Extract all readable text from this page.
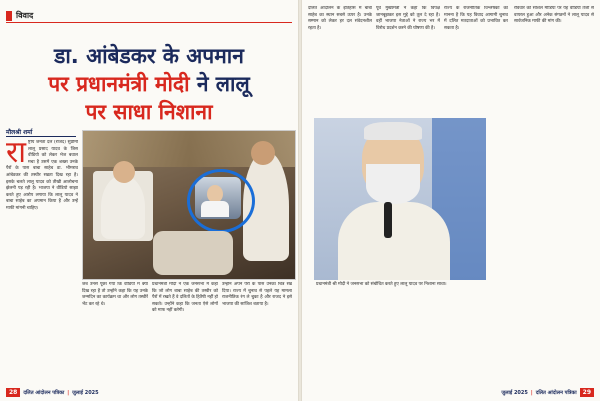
विवाद
डा. आंबेडकर के अपमान
पर प्रधानमंत्री मोदी ने लालू
पर साधा निशाना
मौलश्री शर्मा
राष्ट्रीय जनता दल (राजद) सुप्रीमो लालू प्रसाद यादव के जिस वीडियो को लेकर भेज बवाल मचा है उसमें एक शख्स उनके पैरों के पास बाबा साहेब डा. भीमराव आंबेडकर की तस्वीर रखता दिख रहा है। इसके चलते लालू यादव को तीखी आलोचना झेलनी पड़ रही है। भाजपा ने वीडियो साझा करते हुए आरोप लगाया कि लालू यादव ने बाबा साहेब का अपमान किया है और उन्हें माफी मांगनी चाहिए।
जब उनसे पूछा गया कि वीडियो में क्या दिख रहा है तो उन्होंने कहा कि यह उनके जन्मदिन का कार्यक्रम था और लोग तस्वीरें भेंट कर रहे थे।
प्रधानमंत्री मोदी ने एक जनसभा में कहा कि जो लोग बाबा साहेब की तस्वीर को पैरों में रखते हैं वे दलितों के हितैषी नहीं हो सकते। उन्होंने कहा कि जनता ऐसे लोगों को माफ नहीं करेगी।
उन्होंने अपने पैरों के पास उनका चित्र रख दिया। राज्य में चुनाव से पहले यह मामला राजनीतिक रंग ले चुका है और राजद ने इसे भाजपा की साजिश बताया है।
28	दलित आंदोलन पत्रिका | जुलाई 2025
दलित आंदोलन के इतिहास में बाबा साहेब का स्थान सबसे ऊपर है। उनके सम्मान को लेकर हर दल संवेदनशील रहता है।
पूर्व मुख्यमंत्री ने कहा कि विपक्ष जानबूझकर इस मुद्दे को तूल दे रहा है। वहीं भाजपा नेताओं ने राज्य भर में विरोध प्रदर्शन करने की घोषणा की है।
राज्य के राजनीतिक विश्लेषकों का मानना है कि यह विवाद आगामी चुनाव में दलित मतदाताओं को प्रभावित कर सकता है।
रविवार को सोशल मीडिया पर यह वीडियो तेजी से वायरल हुआ और अनेक संगठनों ने लालू यादव से सार्वजनिक माफी की मांग की।
प्रधानमंत्री श्री मोदी ने जनसभा को संबोधित करते हुए लालू यादव पर निशाना साधा।
जुलाई 2025 | दलित आंदोलन पत्रिका	29
